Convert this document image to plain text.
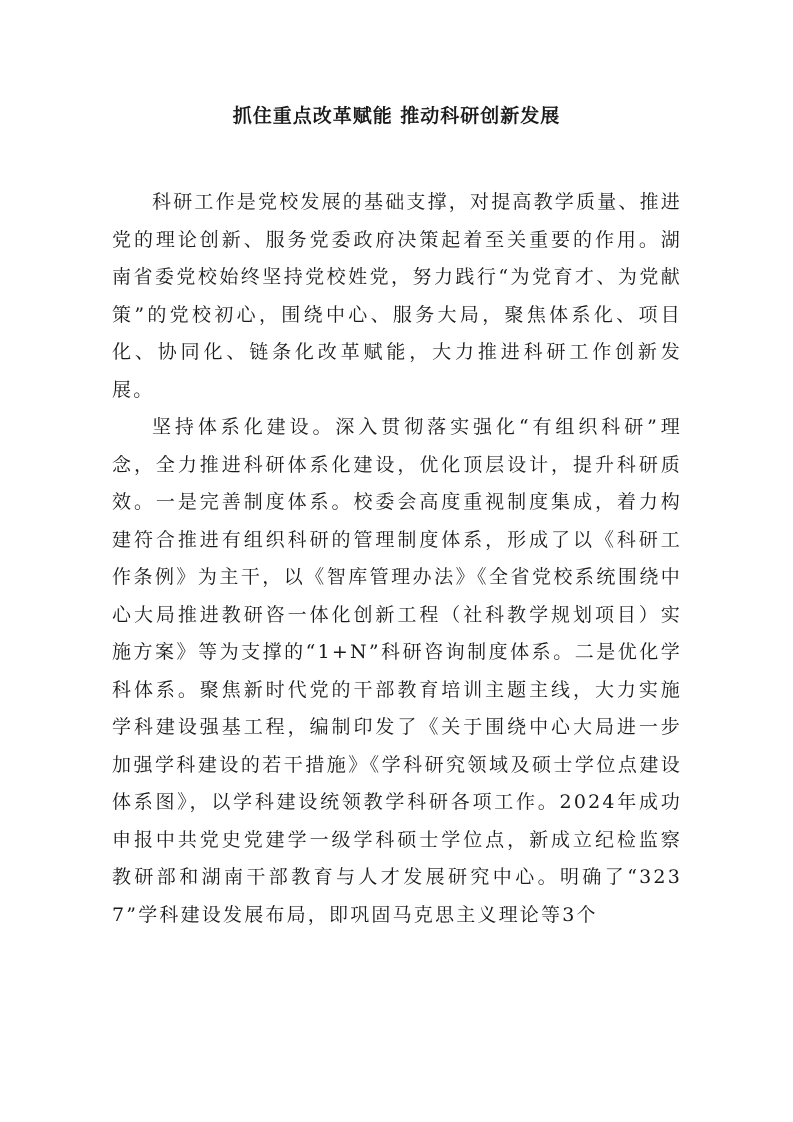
抓住重点改革赋能 推动科研创新发展

科研工作是党校发展的基础支撑，对提高教学质量、推进党的理论创新、服务党委政府决策起着至关重要的作用。湖南省委党校始终坚持党校姓党，努力践行“为党育才、为党献策”的党校初心，围绕中心、服务大局，聚焦体系化、项目化、协同化、链条化改革赋能，大力推进科研工作创新发展。

坚持体系化建设。深入贯彻落实强化“有组织科研”理念，全力推进科研体系化建设，优化顶层设计，提升科研质效。一是完善制度体系。校委会高度重视制度集成，着力构建符合推进有组织科研的管理制度体系，形成了以《科研工作条例》为主干，以《智库管理办法》《全省党校系统围绕中心大局推进教研咨一体化创新工程（社科教学规划项目）实施方案》等为支撑的“1+N”科研咨询制度体系。二是优化学科体系。聚焦新时代党的干部教育培训主题主线，大力实施学科建设强基工程，编制印发了《关于围绕中心大局进一步加强学科建设的若干措施》《学科研究领域及硕士学位点建设体系图》，以学科建设统领教学科研各项工作。2024年成功申报中共党史党建学一级学科硕士学位点，新成立纪检监察教研部和湖南干部教育与人才发展研究中心。明确了“3237”学科建设发展布局，即巩固马克思主义理论等3个
